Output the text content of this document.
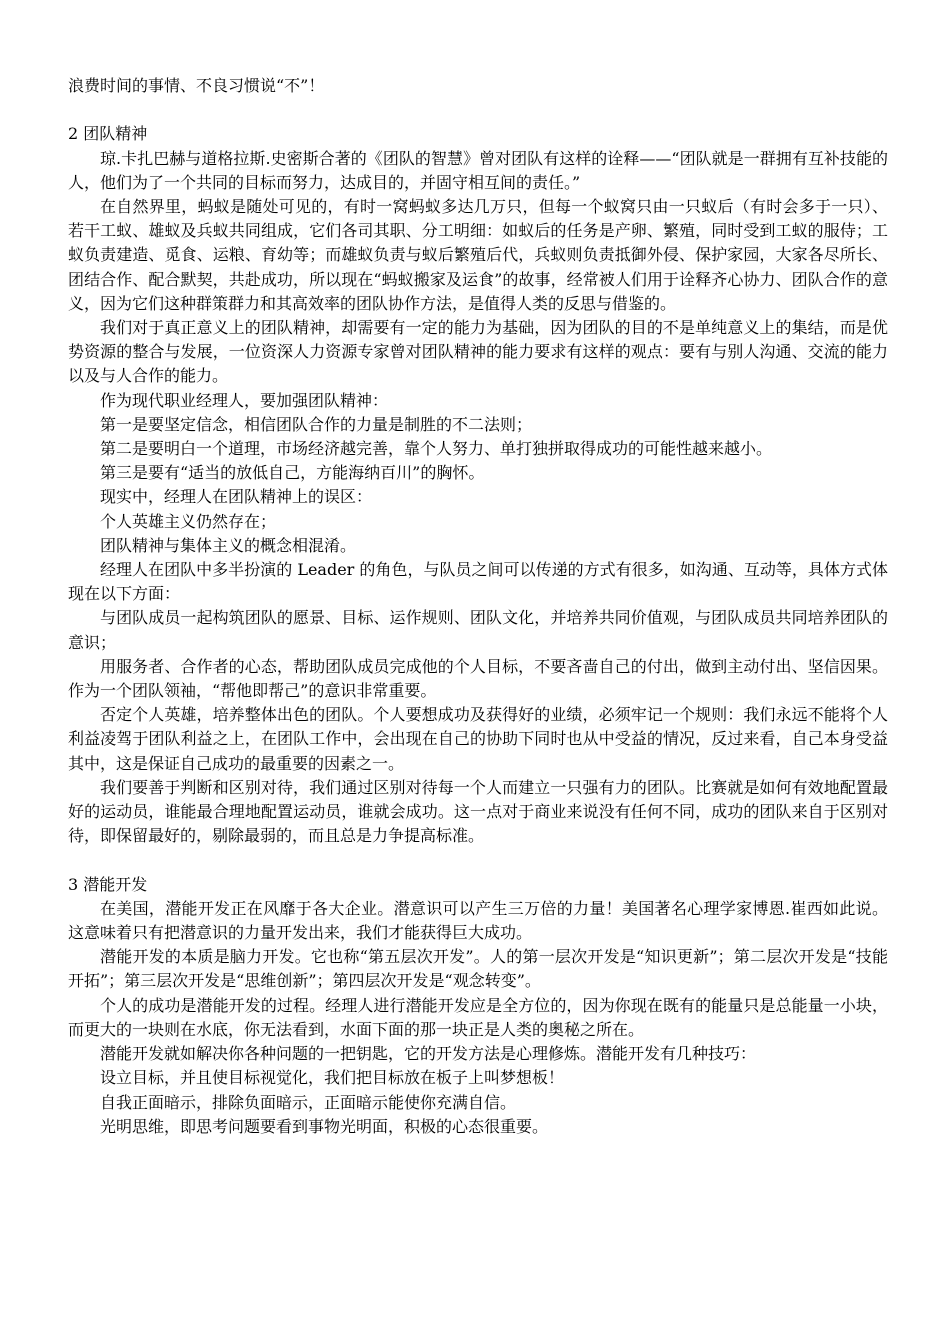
浪费时间的事情、不良习惯说“不”！

2 团队精神

琼.卡扎巴赫与道格拉斯.史密斯合著的《团队的智慧》曾对团队有这样的诠释——“团队就是一群拥有互补技能的人，他们为了一个共同的目标而努力，达成目的，并固守相互间的责任。”

在自然界里，蚂蚁是随处可见的，有时一窝蚂蚁多达几万只，但每一个蚁窝只由一只蚁后（有时会多于一只）、若干工蚁、雄蚁及兵蚁共同组成，它们各司其职、分工明细：如蚁后的任务是产卵、繁殖，同时受到工蚁的服侍；工蚁负责建造、觅食、运粮、育幼等；而雄蚁负责与蚁后繁殖后代，兵蚁则负责抵御外侵、保护家园，大家各尽所长、团结合作、配合默契，共赴成功，所以现在“蚂蚁搬家及运食”的故事，经常被人们用于诠释齐心协力、团队合作的意义，因为它们这种群策群力和其高效率的团队协作方法，是值得人类的反思与借鉴的。

我们对于真正意义上的团队精神，却需要有一定的能力为基础，因为团队的目的不是单纯意义上的集结，而是优势资源的整合与发展，一位资深人力资源专家曾对团队精神的能力要求有这样的观点：要有与别人沟通、交流的能力以及与人合作的能力。

作为现代职业经理人，要加强团队精神：

第一是要坚定信念，相信团队合作的力量是制胜的不二法则；

第二是要明白一个道理，市场经济越完善，靠个人努力、单打独拼取得成功的可能性越来越小。

第三是要有“适当的放低自己，方能海纳百川”的胸怀。

现实中，经理人在团队精神上的误区：

个人英雄主义仍然存在；

团队精神与集体主义的概念相混淆。

经理人在团队中多半扮演的 Leader 的角色，与队员之间可以传递的方式有很多，如沟通、互动等，具体方式体现在以下方面：

与团队成员一起构筑团队的愿景、目标、运作规则、团队文化，并培养共同价值观，与团队成员共同培养团队的意识；

用服务者、合作者的心态，帮助团队成员完成他的个人目标，不要吝啬自己的付出，做到主动付出、坚信因果。作为一个团队领袖，“帮他即帮己”的意识非常重要。

否定个人英雄，培养整体出色的团队。个人要想成功及获得好的业绩，必须牢记一个规则：我们永远不能将个人利益凌驾于团队利益之上，在团队工作中，会出现在自己的协助下同时也从中受益的情况，反过来看，自己本身受益其中，这是保证自己成功的最重要的因素之一。

我们要善于判断和区别对待，我们通过区别对待每一个人而建立一只强有力的团队。比赛就是如何有效地配置最好的运动员，谁能最合理地配置运动员，谁就会成功。这一点对于商业来说没有任何不同，成功的团队来自于区别对待，即保留最好的，剔除最弱的，而且总是力争提高标准。

3 潜能开发

在美国，潜能开发正在风靡于各大企业。潜意识可以产生三万倍的力量！美国著名心理学家博恩.崔西如此说。这意味着只有把潜意识的力量开发出来，我们才能获得巨大成功。

潜能开发的本质是脑力开发。它也称“第五层次开发”。人的第一层次开发是“知识更新”；第二层次开发是“技能开拓”；第三层次开发是“思维创新”；第四层次开发是“观念转变”。

个人的成功是潜能开发的过程。经理人进行潜能开发应是全方位的，因为你现在既有的能量只是总能量一小块，而更大的一块则在水底，你无法看到，水面下面的那一块正是人类的奥秘之所在。

潜能开发就如解决你各种问题的一把钥匙，它的开发方法是心理修炼。潜能开发有几种技巧：

设立目标，并且使目标视觉化，我们把目标放在板子上叫梦想板！

自我正面暗示，排除负面暗示，正面暗示能使你充满自信。

光明思维，即思考问题要看到事物光明面，积极的心态很重要。
